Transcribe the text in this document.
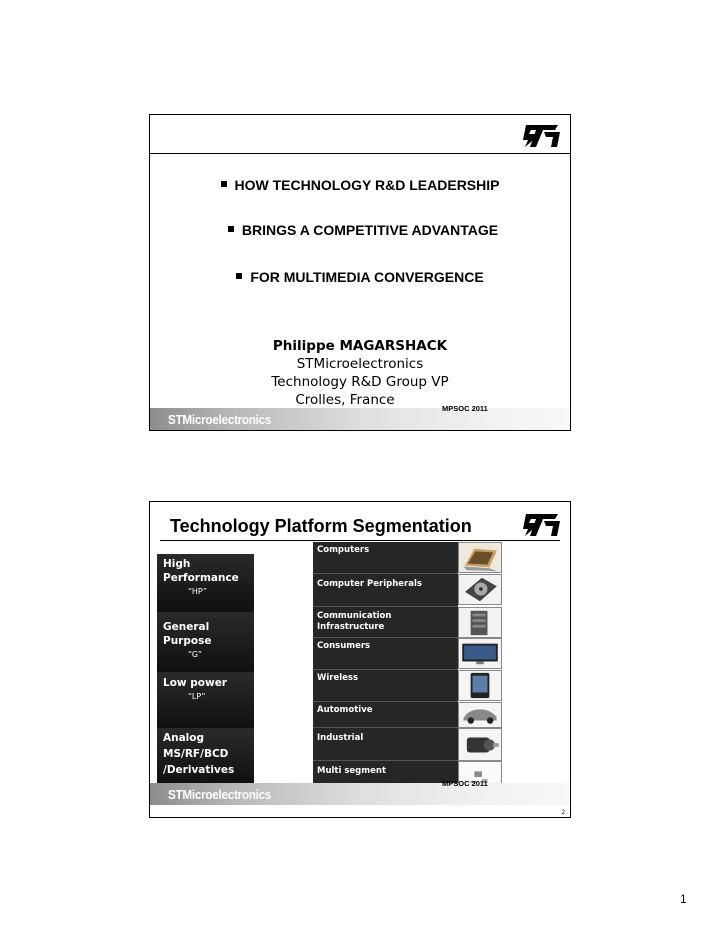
HOW TECHNOLOGY R&D LEADERSHIP
BRINGS A COMPETITIVE ADVANTAGE
FOR MULTIMEDIA CONVERGENCE
Philippe MAGARSHACK
STMicroelectronics
Technology R&D Group VP
Crolles, France
STMicroelectronics
MPSOC 2011
Technology Platform Segmentation
High Performance
“HP”
General Purpose
“G”
Low power
“LP”
Analog MS/RF/BCD /Derivatives
Computers
Computer Peripherals
Communication Infrastructure
Consumers
Wireless
Automotive
Industrial
Multi segment
STMicroelectronics
MPSOC 2011
2
1
